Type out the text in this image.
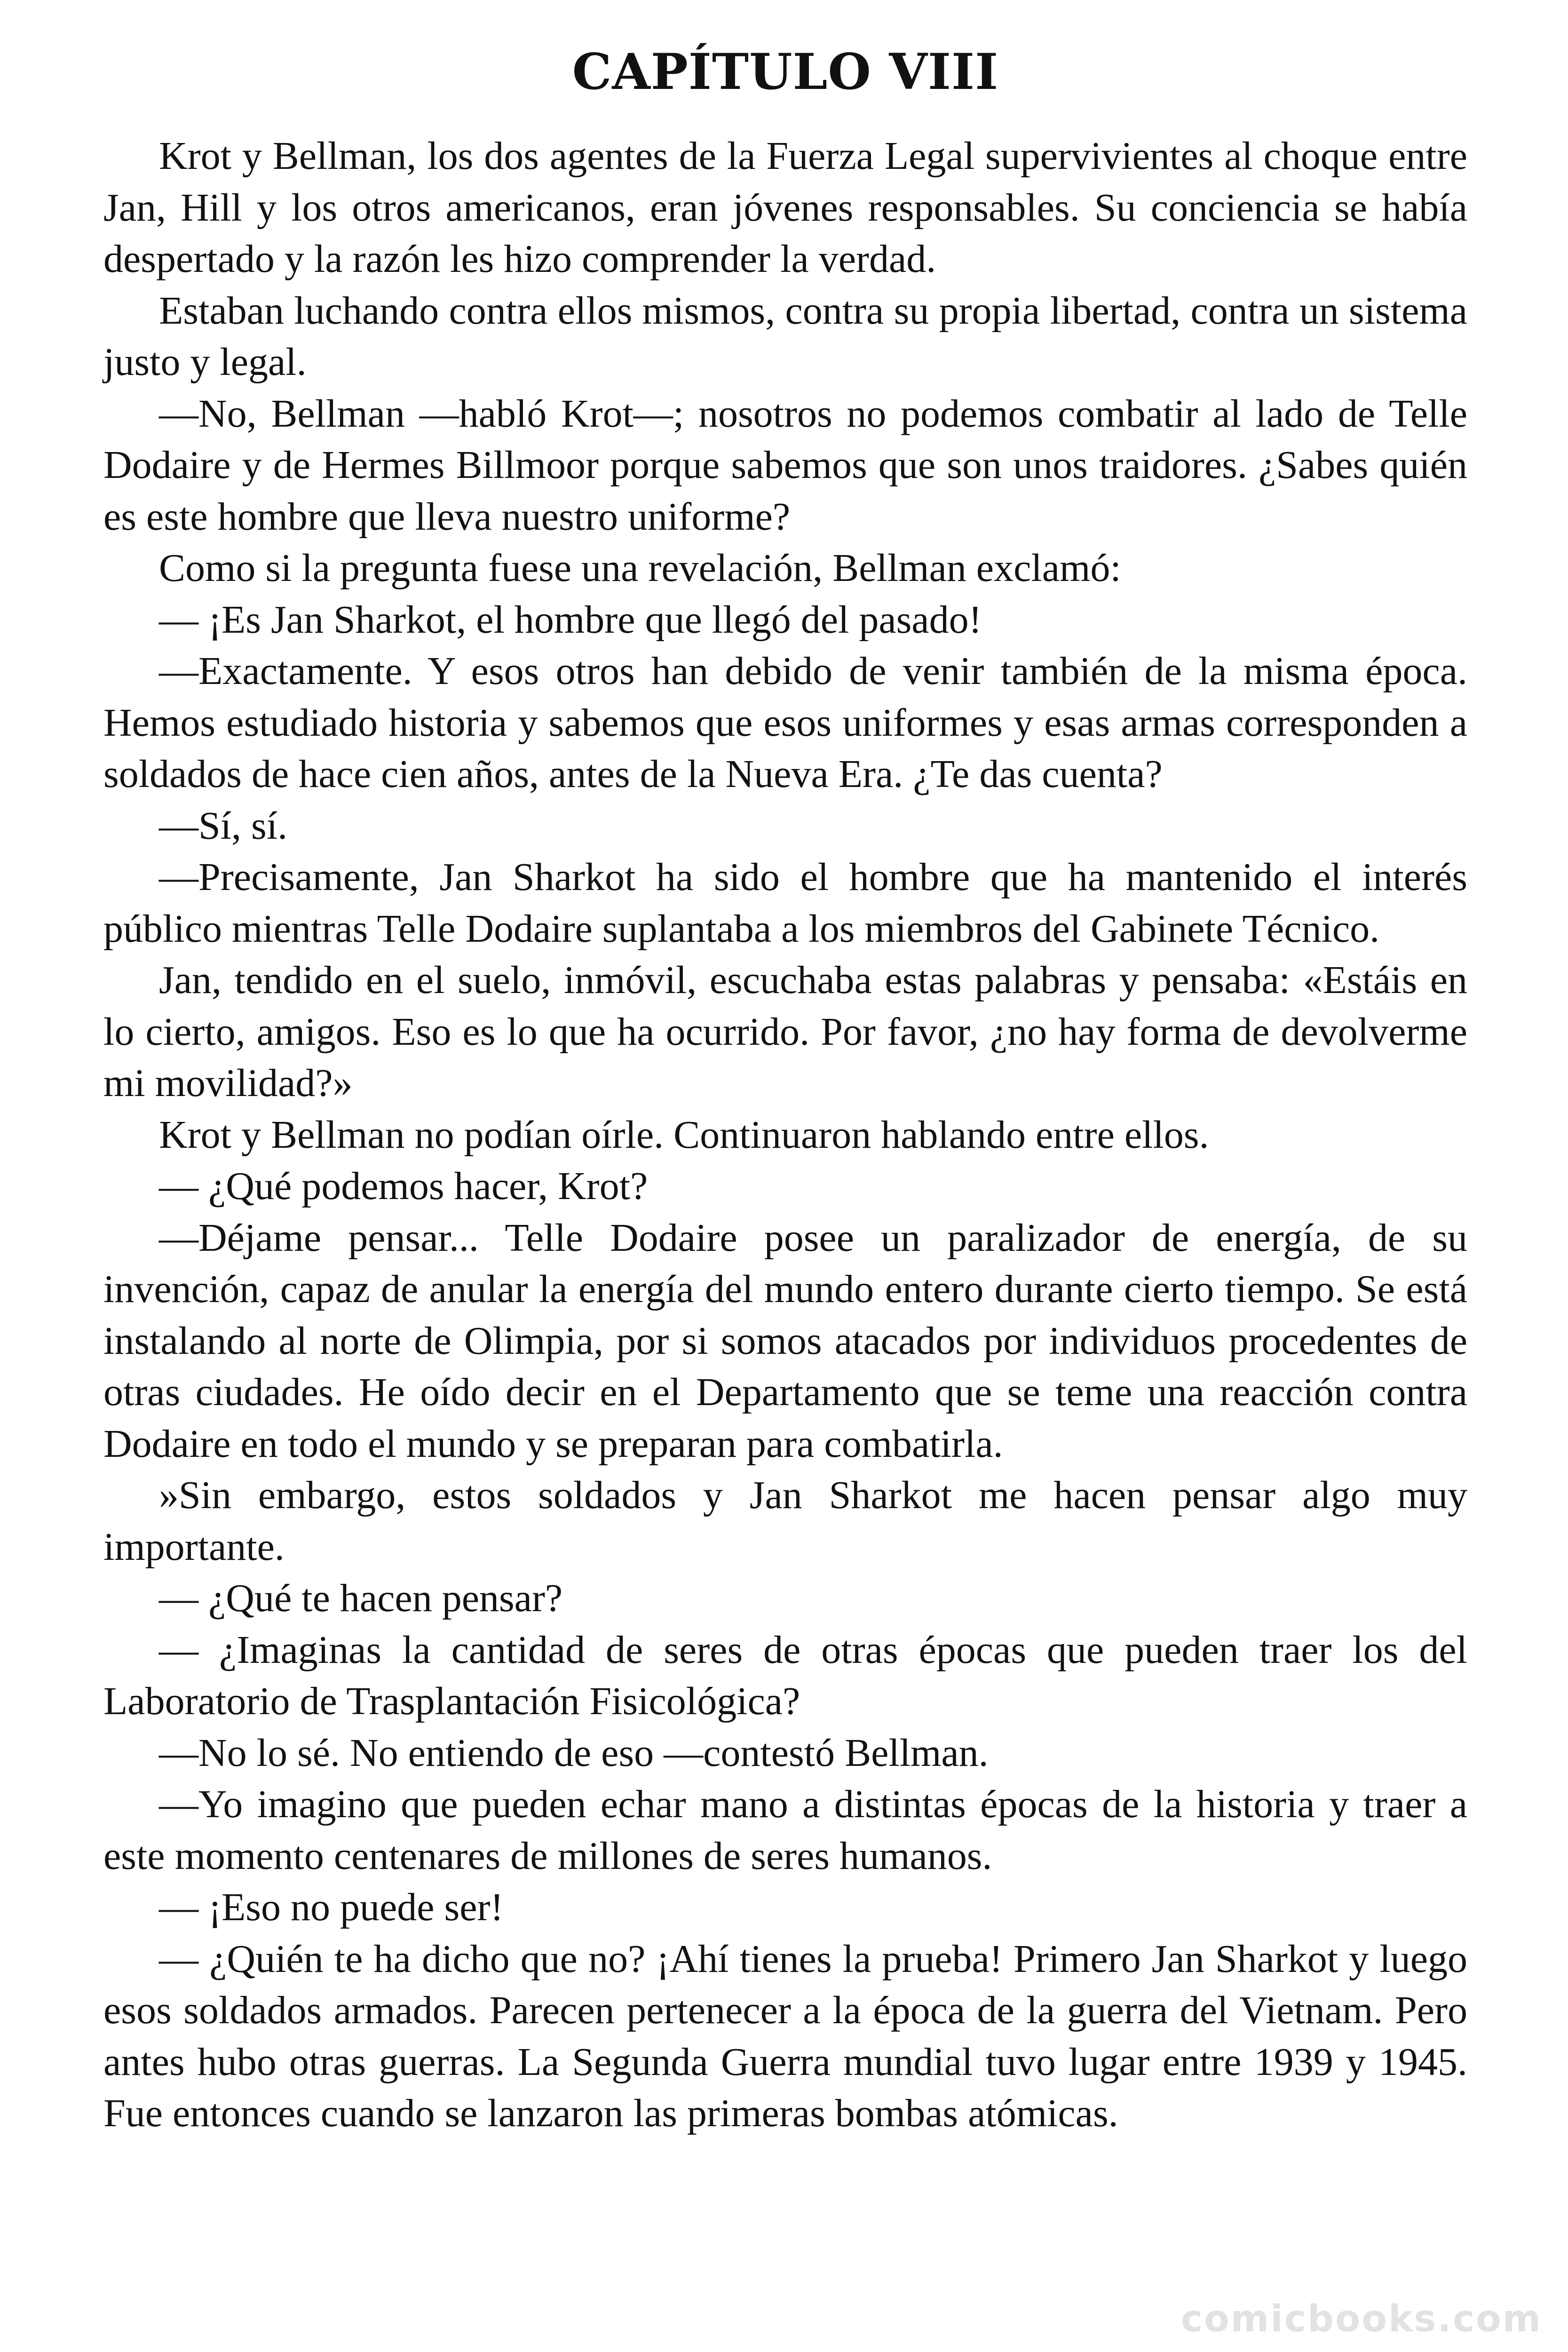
CAPÍTULO VIII

Krot y Bellman, los dos agentes de la Fuerza Legal supervivientes al choque entre Jan, Hill y los otros americanos, eran jóvenes responsables. Su conciencia se había despertado y la razón les hizo comprender la verdad.

Estaban luchando contra ellos mismos, contra su propia libertad, contra un sistema justo y legal.

—No, Bellman —habló Krot—; nosotros no podemos combatir al lado de Telle Dodaire y de Hermes Billmoor porque sabemos que son unos traidores. ¿Sabes quién es este hombre que lleva nuestro uniforme?

Como si la pregunta fuese una revelación, Bellman exclamó:

— ¡Es Jan Sharkot, el hombre que llegó del pasado!

—Exactamente. Y esos otros han debido de venir también de la misma época. Hemos estudiado historia y sabemos que esos uniformes y esas armas corresponden a soldados de hace cien años, antes de la Nueva Era. ¿Te das cuenta?

—Sí, sí.

—Precisamente, Jan Sharkot ha sido el hombre que ha mantenido el interés público mientras Telle Dodaire suplantaba a los miembros del Gabinete Técnico.

Jan, tendido en el suelo, inmóvil, escuchaba estas palabras y pensaba: «Estáis en lo cierto, amigos. Eso es lo que ha ocurrido. Por favor, ¿no hay forma de devolverme mi movilidad?»

Krot y Bellman no podían oírle. Continuaron hablando entre ellos.

— ¿Qué podemos hacer, Krot?

—Déjame pensar... Telle Dodaire posee un paralizador de energía, de su invención, capaz de anular la energía del mundo entero durante cierto tiempo. Se está instalando al norte de Olimpia, por si somos atacados por individuos procedentes de otras ciudades. He oído decir en el Departamento que se teme una reacción contra Dodaire en todo el mundo y se preparan para combatirla.

»Sin embargo, estos soldados y Jan Sharkot me hacen pensar algo muy importante.

— ¿Qué te hacen pensar?

— ¿Imaginas la cantidad de seres de otras épocas que pueden traer los del Laboratorio de Trasplantación Fisicológica?

—No lo sé. No entiendo de eso —contestó Bellman.

—Yo imagino que pueden echar mano a distintas épocas de la historia y traer a este momento centenares de millones de seres humanos.

— ¡Eso no puede ser!

— ¿Quién te ha dicho que no? ¡Ahí tienes la prueba! Primero Jan Sharkot y luego esos soldados armados. Parecen pertenecer a la época de la guerra del Vietnam. Pero antes hubo otras guerras. La Segunda Guerra mundial tuvo lugar entre 1939 y 1945. Fue entonces cuando se lanzaron las primeras bombas atómicas.

comicbooks.com
